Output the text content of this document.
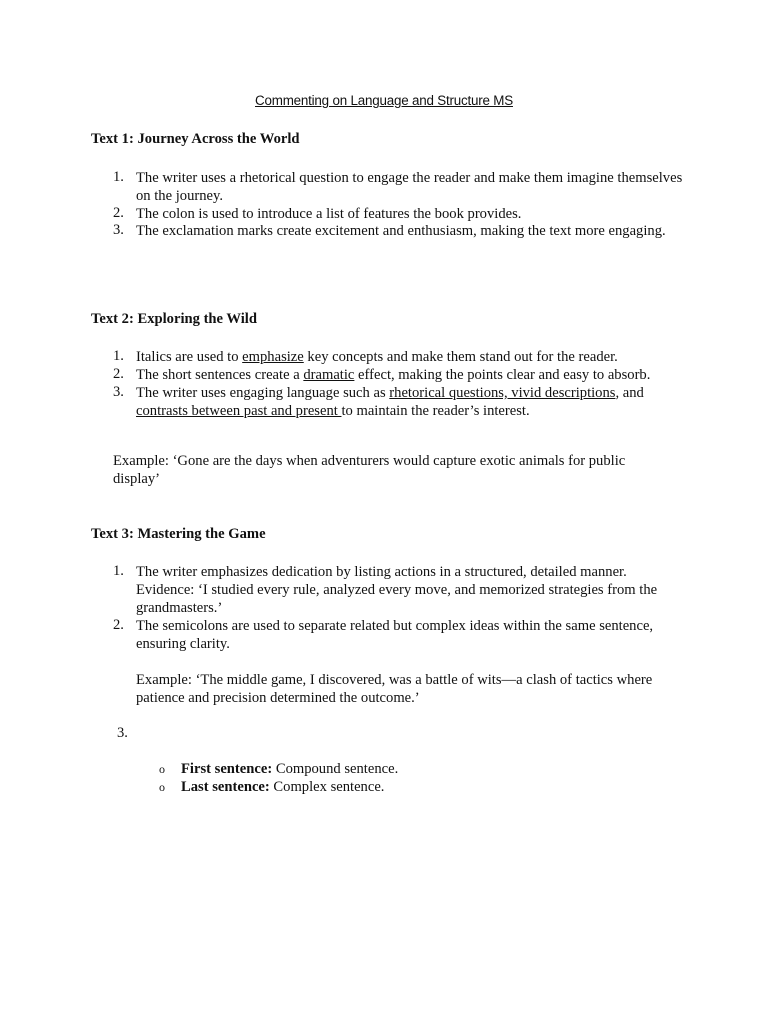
Commenting on Language and Structure MS

Text 1: Journey Across the World

1. The writer uses a rhetorical question to engage the reader and make them imagine themselves on the journey.
2. The colon is used to introduce a list of features the book provides.
3. The exclamation marks create excitement and enthusiasm, making the text more engaging.

Text 2: Exploring the Wild

1. Italics are used to emphasize key concepts and make them stand out for the reader.
2. The short sentences create a dramatic effect, making the points clear and easy to absorb.
3. The writer uses engaging language such as rhetorical questions, vivid descriptions, and contrasts between past and present to maintain the reader’s interest.

Example: ‘Gone are the days when adventurers would capture exotic animals for public display’

Text 3: Mastering the Game

1. The writer emphasizes dedication by listing actions in a structured, detailed manner. Evidence: ‘I studied every rule, analyzed every move, and memorized strategies from the grandmasters.’
2. The semicolons are used to separate related but complex ideas within the same sentence, ensuring clarity.
Example: ‘The middle game, I discovered, was a battle of wits—a clash of tactics where patience and precision determined the outcome.’
3.
o First sentence: Compound sentence.
o Last sentence: Complex sentence.
